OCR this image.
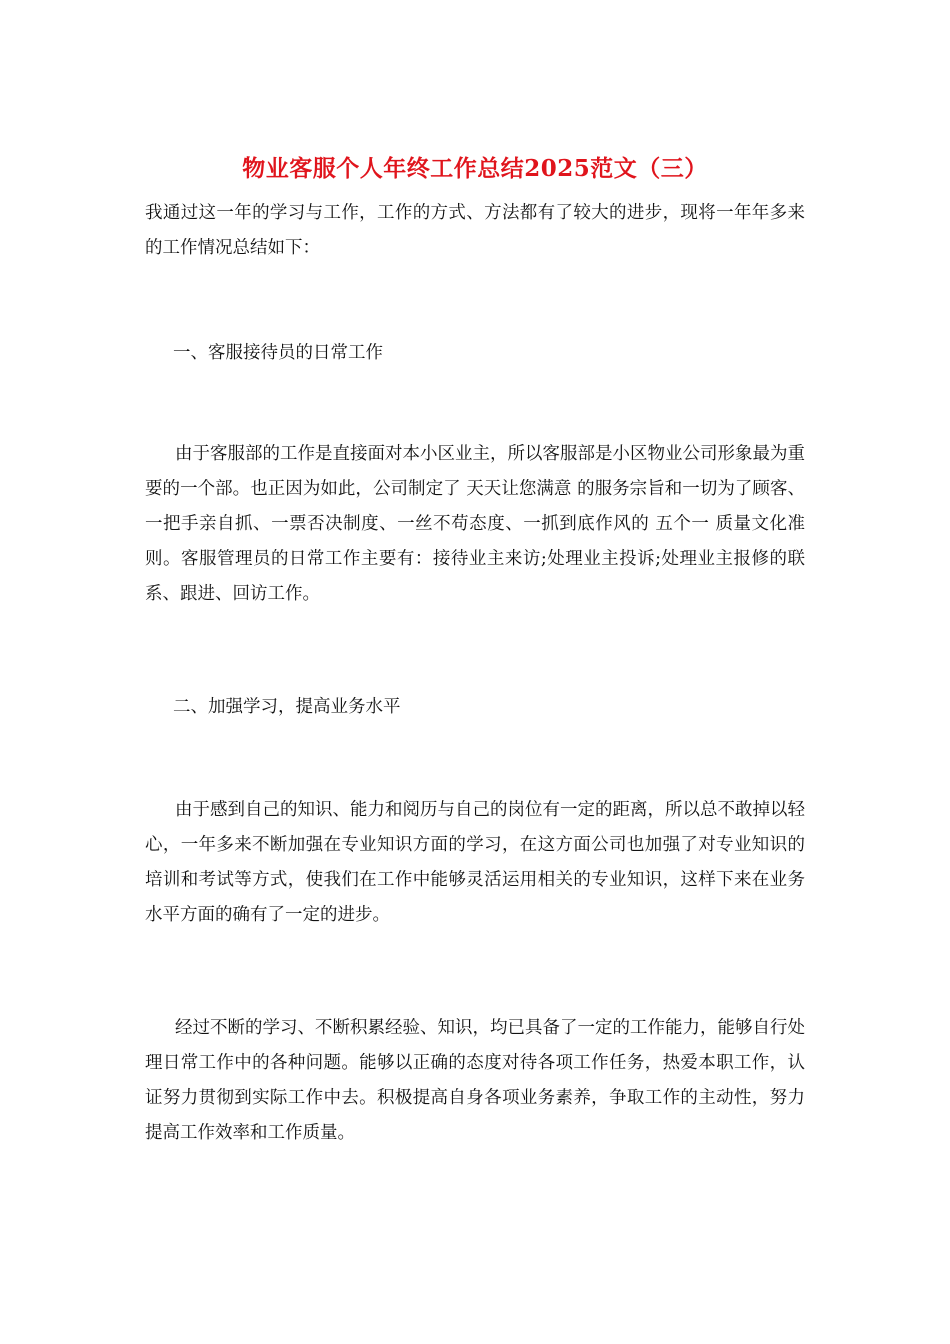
物业客服个人年终工作总结2025范文（三）

我通过这一年的学习与工作，工作的方式、方法都有了较大的进步，现将一年年多来的工作情况总结如下：

一、客服接待员的日常工作

由于客服部的工作是直接面对本小区业主，所以客服部是小区物业公司形象最为重要的一个部。也正因为如此，公司制定了 天天让您满意 的服务宗旨和一切为了顾客、一把手亲自抓、一票否决制度、一丝不苟态度、一抓到底作风的 五个一 质量文化准则。客服管理员的日常工作主要有：接待业主来访;处理业主投诉;处理业主报修的联系、跟进、回访工作。

二、加强学习，提高业务水平

由于感到自己的知识、能力和阅历与自己的岗位有一定的距离，所以总不敢掉以轻心，一年多来不断加强在专业知识方面的学习，在这方面公司也加强了对专业知识的培训和考试等方式，使我们在工作中能够灵活运用相关的专业知识，这样下来在业务水平方面的确有了一定的进步。

经过不断的学习、不断积累经验、知识，均已具备了一定的工作能力，能够自行处理日常工作中的各种问题。能够以正确的态度对待各项工作任务，热爱本职工作，认证努力贯彻到实际工作中去。积极提高自身各项业务素养，争取工作的主动性，努力提高工作效率和工作质量。
